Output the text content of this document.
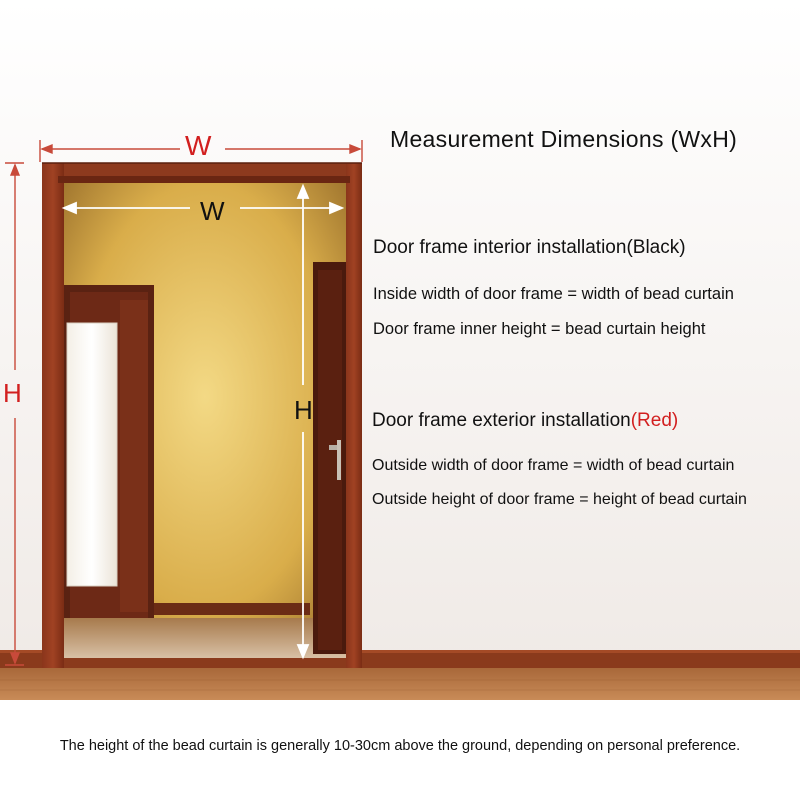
W
H
W
H
Measurement Dimensions (WxH)
Door frame interior installation(Black)
Inside width of door frame = width of bead curtain
Door frame inner height = bead curtain height
Door frame exterior installation(Red)
Outside width of door frame = width of bead curtain
Outside height of door frame = height of bead curtain
The height of the bead curtain is generally 10-30cm above the ground, depending on personal preference.
